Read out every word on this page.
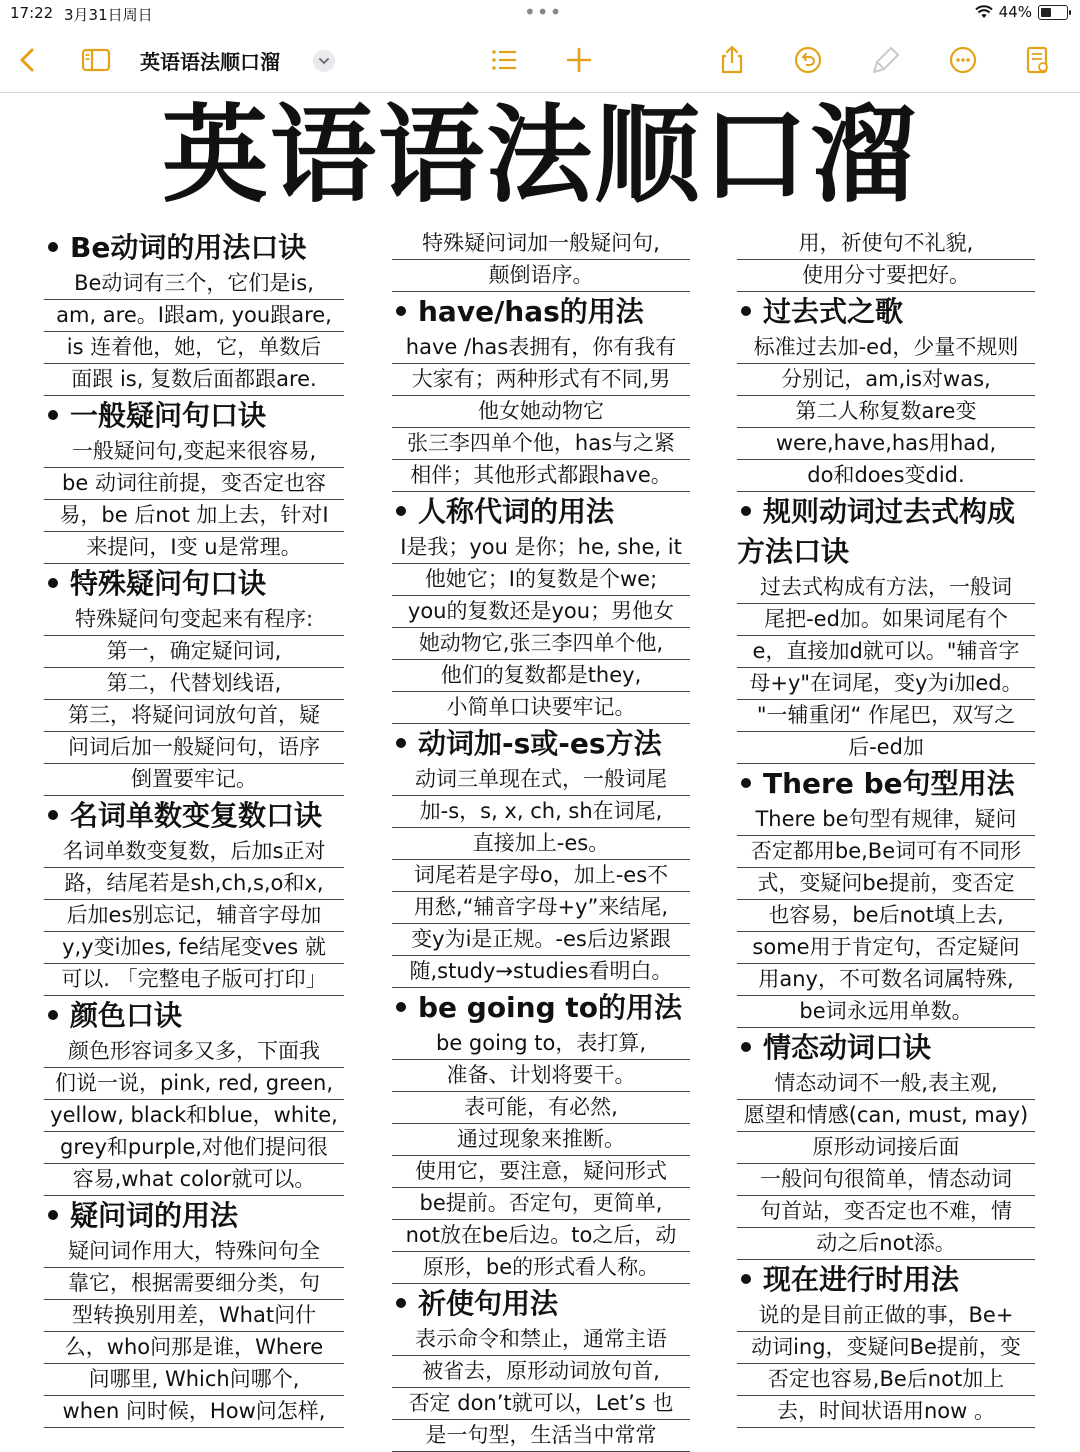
17:22 3月31日周日	•••	44%
英语语法顺口溜
英语语法顺口溜
Be动词的用法口诀
Be动词有三个，它们是is,
am, are。I跟am, you跟are,
is 连着他，她，它，单数后
面跟 is, 复数后面都跟are.
一般疑问句口诀
一般疑问句,变起来很容易,
be 动词往前提，变否定也容
易，be 后not 加上去，针对I
来提问，I变 u是常理。
特殊疑问句口诀
特殊疑问句变起来有程序:
第一，确定疑问词,
第二，代替划线语,
第三，将疑问词放句首，疑
问词后加一般疑问句，语序
倒置要牢记。
名词单数变复数口诀
名词单数变复数，后加s正对
路，结尾若是sh,ch,s,o和x,
后加es别忘记，辅音字母加
y,y变i加es, fe结尾变ves 就
可以. 「完整电子版可打印」
颜色口诀
颜色形容词多又多，下面我
们说一说，pink, red, green,
yellow, black和blue，white,
grey和purple,对他们提问很
容易,what color就可以。
疑问词的用法
疑问词作用大，特殊问句全
靠它，根据需要细分类，句
型转换别用差，What问什
么，who问那是谁，Where
问哪里, Which问哪个,
when 问时候，How问怎样,
特殊疑问词加一般疑问句,
颠倒语序。
have/has的用法
have /has表拥有，你有我有
大家有；两种形式有不同,男
他女她动物它
张三李四单个他，has与之紧
相伴；其他形式都跟have。
人称代词的用法
I是我；you 是你；he, she, it
他她它；I的复数是个we;
you的复数还是you；男他女
她动物它,张三李四单个他,
他们的复数都是they,
小简单口诀要牢记。
动词加-s或-es方法
动词三单现在式，一般词尾
加-s，s, x, ch, sh在词尾,
直接加上-es。
词尾若是字母o，加上-es不
用愁,“辅音字母+y”来结尾,
变y为i是正规。-es后边紧跟
随,study→studies看明白。
be going to的用法
be going to，表打算,
准备、计划将要干。
表可能，有必然,
通过现象来推断。
使用它，要注意，疑问形式
be提前。否定句，更简单,
not放在be后边。to之后，动
原形，be的形式看人称。
祈使句用法
表示命令和禁止，通常主语
被省去，原形动词放句首,
否定 don’t就可以，Let’s 也
是一句型，生活当中常常
用，祈使句不礼貌,
使用分寸要把好。
过去式之歌
标准过去加-ed，少量不规则
分别记，am,is对was,
第二人称复数are变
were,have,has用had,
do和does变did.
规则动词过去式构成方法口诀
过去式构成有方法，一般词
尾把-ed加。如果词尾有个
e，直接加d就可以。"辅音字
母+y"在词尾，变y为i加ed。
"一辅重闭“ 作尾巴，双写之
后-ed加
There be句型用法
There be句型有规律，疑问
否定都用be,Be词可有不同形
式，变疑问be提前，变否定
也容易，be后not填上去,
some用于肯定句，否定疑问
用any，不可数名词属特殊,
be词永远用单数。
情态动词口诀
情态动词不一般,表主观,
愿望和情感(can, must, may)
原形动词接后面
一般问句很简单，情态动词
句首站，变否定也不难，情
动之后not添。
现在进行时用法
说的是目前正做的事，Be+
动词ing，变疑问Be提前，变
否定也容易,Be后not加上
去，时间状语用now 。
